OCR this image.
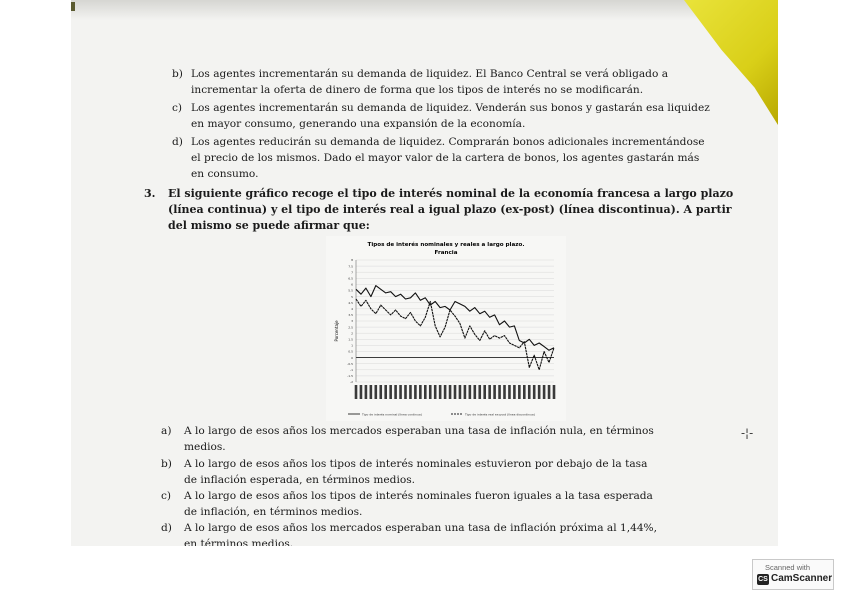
b) Los agentes incrementarán su demanda de liquidez. El Banco Central se verá obligado a
incrementar la oferta de dinero de forma que los tipos de interés no se modificarán.
c) Los agentes incrementarán su demanda de liquidez. Venderán sus bonos y gastarán esa liquidez
en mayor consumo, generando una expansión de la economía.
d) Los agentes reducirán su demanda de liquidez. Comprarán bonos adicionales incrementándose
el precio de los mismos. Dado el mayor valor de la cartera de bonos, los agentes gastarán más
en consumo.
3. El siguiente gráfico recoge el tipo de interés nominal de la economía francesa a largo plazo
(línea continua) y el tipo de interés real a igual plazo (ex-post) (línea discontinua). A partir
del mismo se puede afirmar que:
Tipos de interés nominales y reales a largo plazo.
Francia
Porcentaje
8
7.5
7
6.5
6
5.5
5
4.5
4
3.5
3
2.5
2
1.5
1
0.5
0
-0.5
-1
-1.5
-2
Tipo de interés nominal (línea continua)	Tipo de interés real ex-post (línea discontinua)
a) A lo largo de esos años los mercados esperaban una tasa de inflación nula, en términos
medios.
b) A lo largo de esos años los tipos de interés nominales estuvieron por debajo de la tasa
de inflación esperada, en términos medios.
c) A lo largo de esos años los tipos de interés nominales fueron iguales a la tasa esperada
de inflación, en términos medios.
d) A lo largo de esos años los mercados esperaban una tasa de inflación próxima al 1,44%,
en términos medios.
-¦-
Scanned with
CS CamScanner
